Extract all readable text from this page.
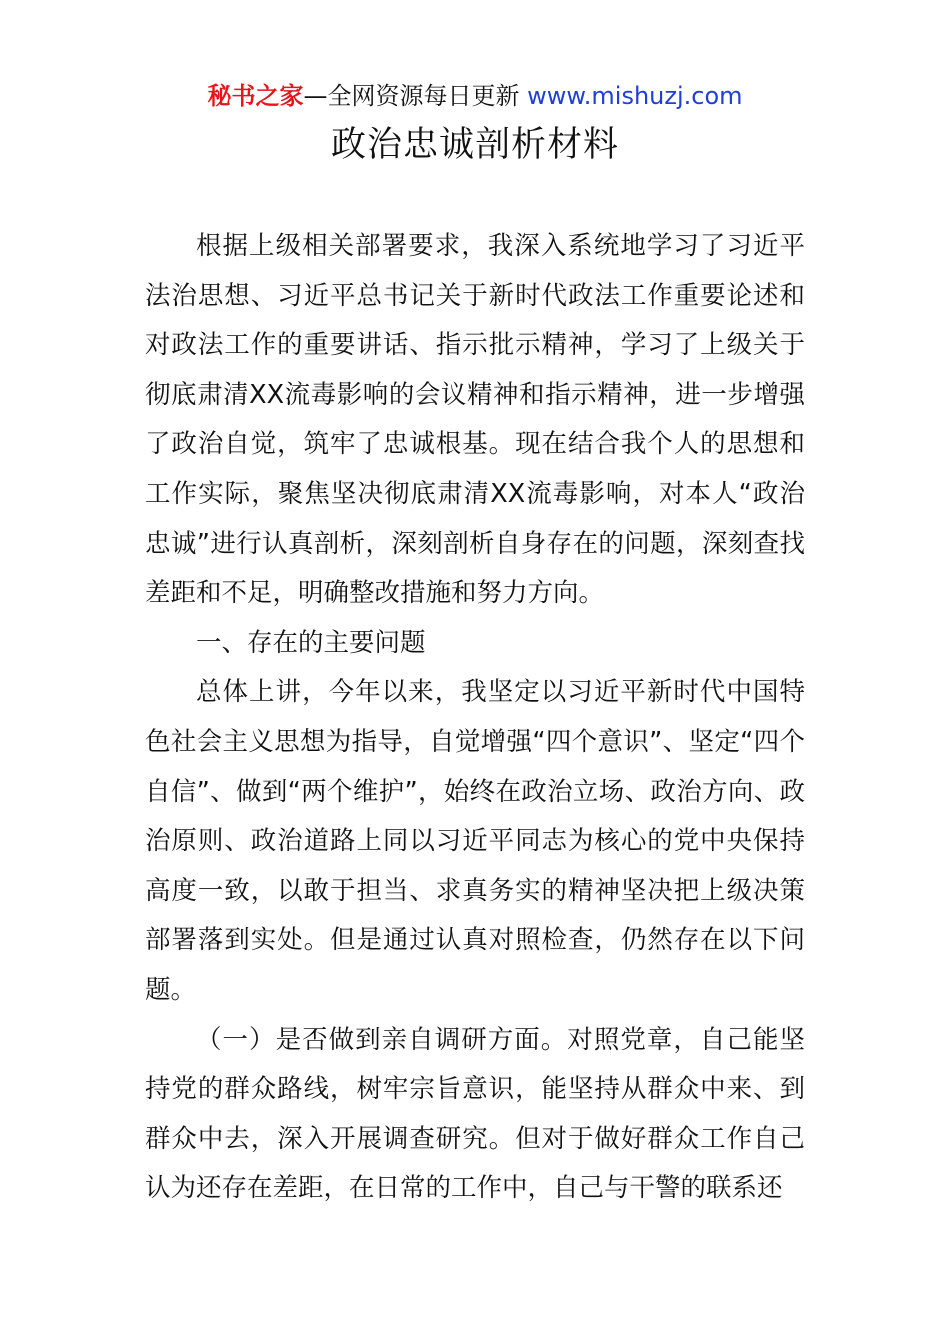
秘书之家—全网资源每日更新 www.mishuzj.com
政治忠诚剖析材料

根据上级相关部署要求，我深入系统地学习了习近平法治思想、习近平总书记关于新时代政法工作重要论述和对政法工作的重要讲话、指示批示精神，学习了上级关于彻底肃清XX流毒影响的会议精神和指示精神，进一步增强了政治自觉，筑牢了忠诚根基。现在结合我个人的思想和工作实际，聚焦坚决彻底肃清XX流毒影响，对本人“政治忠诚”进行认真剖析，深刻剖析自身存在的问题，深刻查找差距和不足，明确整改措施和努力方向。

一、存在的主要问题

总体上讲，今年以来，我坚定以习近平新时代中国特色社会主义思想为指导，自觉增强“四个意识”、坚定“四个自信”、做到“两个维护”，始终在政治立场、政治方向、政治原则、政治道路上同以习近平同志为核心的党中央保持高度一致，以敢于担当、求真务实的精神坚决把上级决策部署落到实处。但是通过认真对照检查，仍然存在以下问题。

（一）是否做到亲自调研方面。对照党章，自己能坚持党的群众路线，树牢宗旨意识，能坚持从群众中来、到群众中去，深入开展调查研究。但对于做好群众工作自己认为还存在差距，在日常的工作中，自己与干警的联系还
